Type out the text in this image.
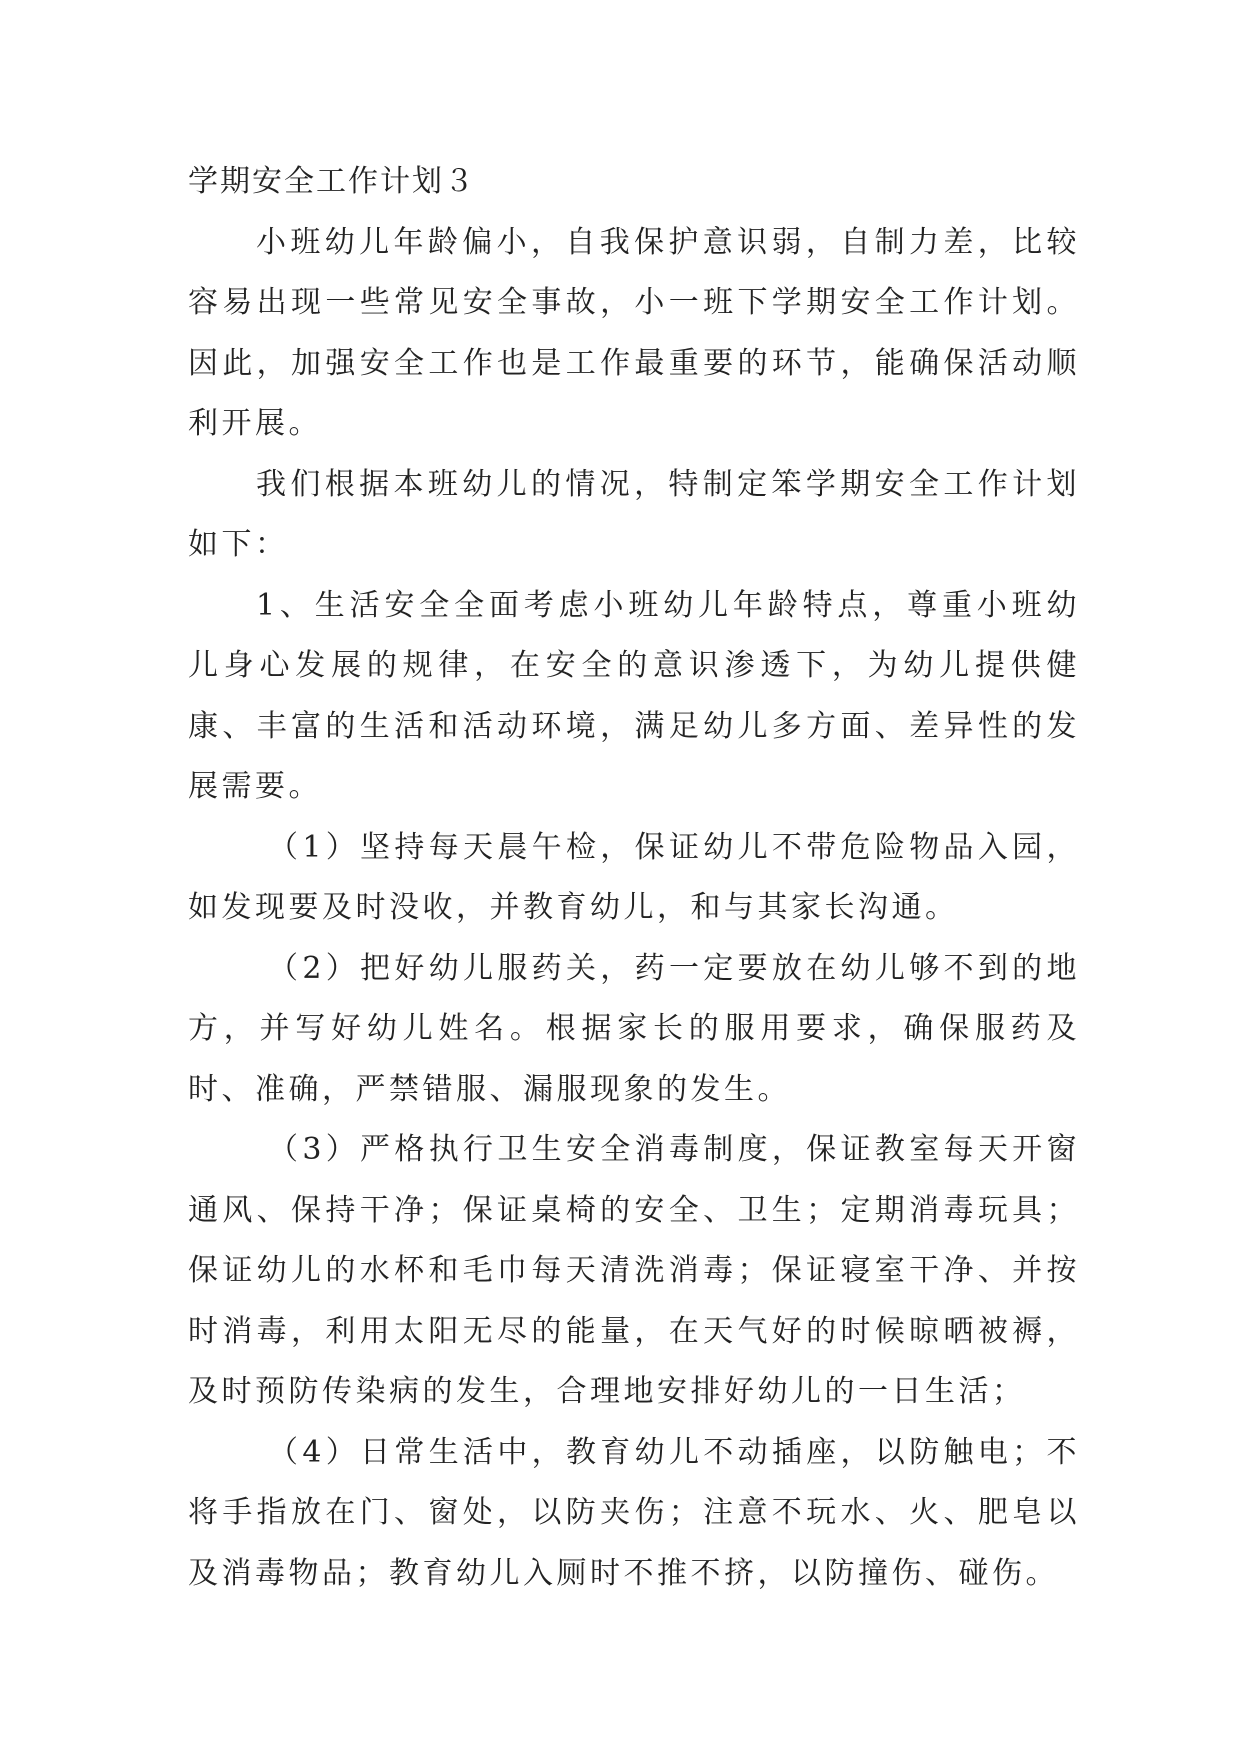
学期安全工作计划３

小班幼儿年龄偏小，自我保护意识弱，自制力差，比较容易出现一些常见安全事故，小一班下学期安全工作计划。因此，加强安全工作也是工作最重要的环节，能确保活动顺利开展。

我们根据本班幼儿的情况，特制定笨学期安全工作计划如下：

1、生活安全全面考虑小班幼儿年龄特点，尊重小班幼儿身心发展的规律，在安全的意识渗透下，为幼儿提供健康、丰富的生活和活动环境，满足幼儿多方面、差异性的发展需要。

（1）坚持每天晨午检，保证幼儿不带危险物品入园，如发现要及时没收，并教育幼儿，和与其家长沟通。

（2）把好幼儿服药关，药一定要放在幼儿够不到的地方，并写好幼儿姓名。根据家长的服用要求，确保服药及时、准确，严禁错服、漏服现象的发生。

（3）严格执行卫生安全消毒制度，保证教室每天开窗通风、保持干净；保证桌椅的安全、卫生；定期消毒玩具；保证幼儿的水杯和毛巾每天清洗消毒；保证寝室干净、并按时消毒，利用太阳无尽的能量，在天气好的时候晾晒被褥，及时预防传染病的发生，合理地安排好幼儿的一日生活；

（4）日常生活中，教育幼儿不动插座，以防触电；不将手指放在门、窗处，以防夹伤；注意不玩水、火、肥皂以及消毒物品；教育幼儿入厕时不推不挤，以防撞伤、碰伤。
